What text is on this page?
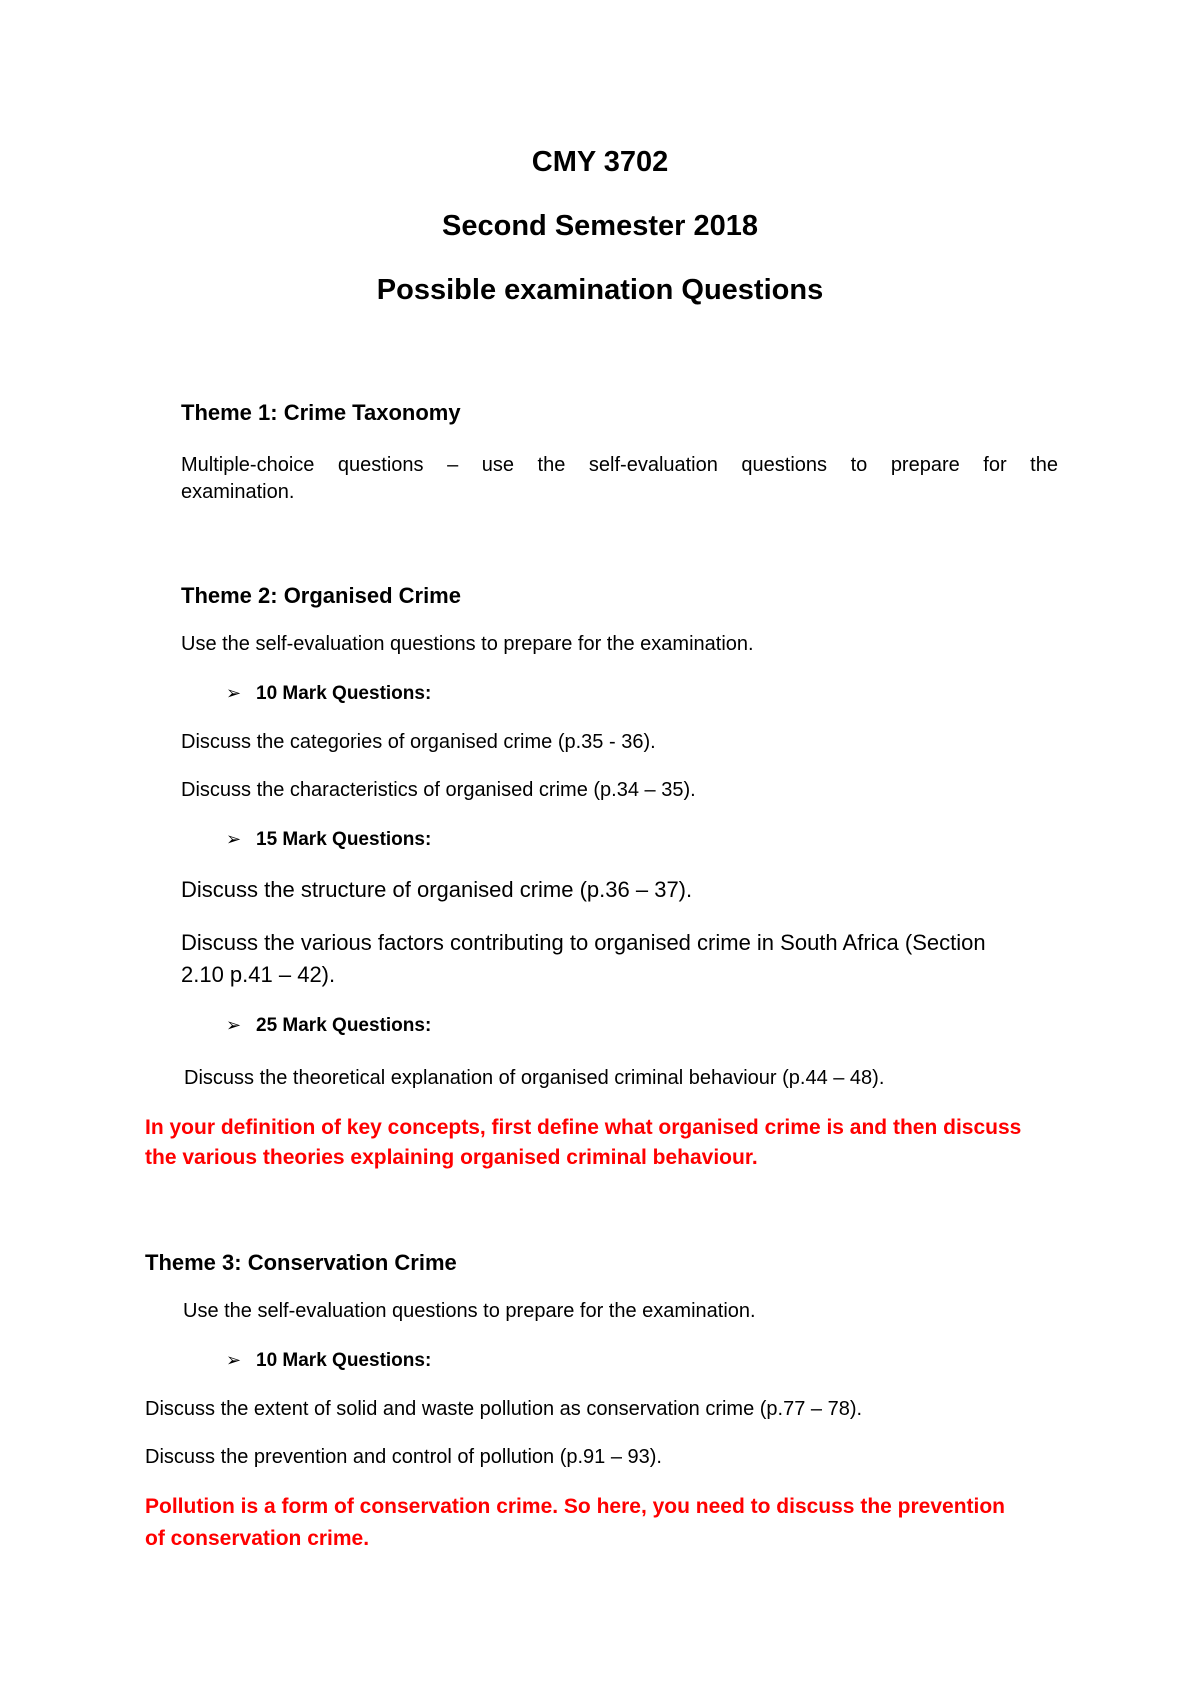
CMY 3702

Second Semester 2018

Possible examination Questions

Theme 1: Crime Taxonomy

Multiple-choice questions – use the self-evaluation questions to prepare for the

examination.

Theme 2: Organised Crime

Use the self-evaluation questions to prepare for the examination.

➢ 10 Mark Questions:

Discuss the categories of organised crime (p.35 - 36).

Discuss the characteristics of organised crime (p.34 – 35).

➢ 15 Mark Questions:

Discuss the structure of organised crime (p.36 – 37).

Discuss the various factors contributing to organised crime in South Africa (Section

2.10 p.41 – 42).

➢ 25 Mark Questions:

Discuss the theoretical explanation of organised criminal behaviour (p.44 – 48).

In your definition of key concepts, first define what organised crime is and then discuss

the various theories explaining organised criminal behaviour.

Theme 3: Conservation Crime

Use the self-evaluation questions to prepare for the examination.

➢ 10 Mark Questions:

Discuss the extent of solid and waste pollution as conservation crime (p.77 – 78).

Discuss the prevention and control of pollution (p.91 – 93).

Pollution is a form of conservation crime. So here, you need to discuss the prevention

of conservation crime.
